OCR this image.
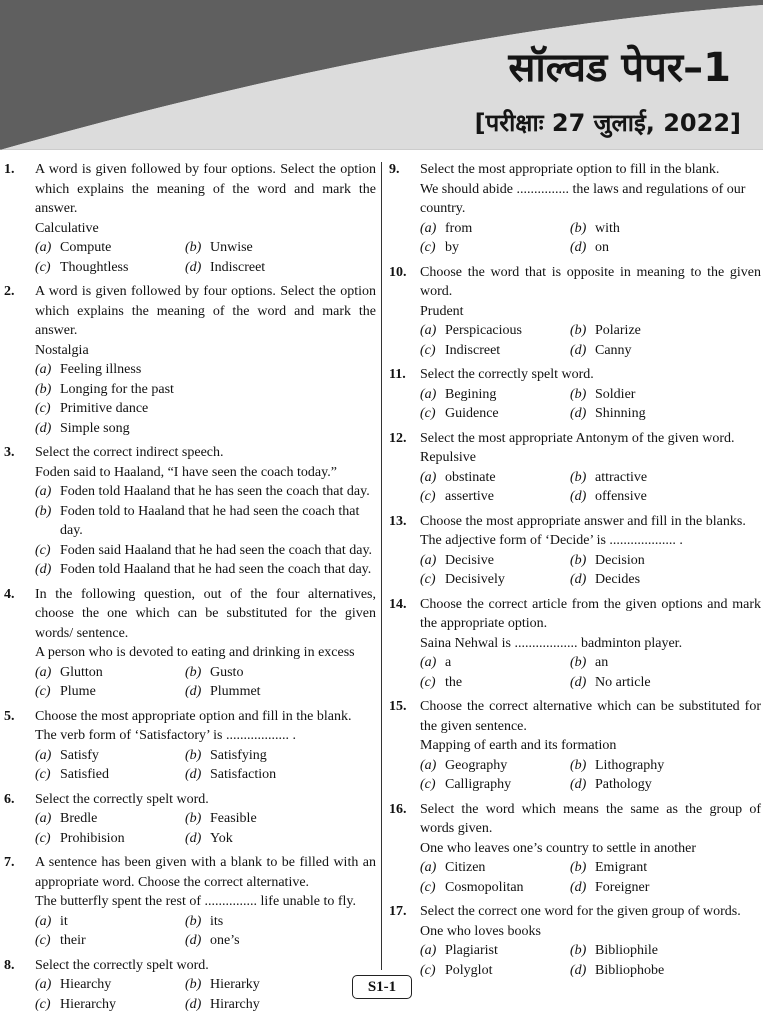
सॉल्वड पेपर–1
[परीक्षाः 27 जुलाई, 2022]
1. A word is given followed by four options. Select the option which explains the meaning of the word and mark the answer.
Calculative
(a) Compute	(b) Unwise
(c) Thoughtless	(d) Indiscreet
2. A word is given followed by four options. Select the option which explains the meaning of the word and mark the answer.
Nostalgia
(a) Feeling illness
(b) Longing for the past
(c) Primitive dance
(d) Simple song
3. Select the correct indirect speech.
Foden said to Haaland, “I have seen the coach today.”
(a) Foden told Haaland that he has seen the coach that day.
(b) Foden told to Haaland that he had seen the coach that day.
(c) Foden said Haaland that he had seen the coach that day.
(d) Foden told Haaland that he had seen the coach that day.
4. In the following question, out of the four alternatives, choose the one which can be substituted for the given words/ sentence.
A person who is devoted to eating and drinking in excess
(a) Glutton	(b) Gusto
(c) Plume	(d) Plummet
5. Choose the most appropriate option and fill in the blank.
The verb form of ‘Satisfactory’ is .................. .
(a) Satisfy	(b) Satisfying
(c) Satisfied	(d) Satisfaction
6. Select the correctly spelt word.
(a) Bredle	(b) Feasible
(c) Prohibision	(d) Yok
7. A sentence has been given with a blank to be filled with an appropriate word. Choose the correct alternative.
The butterfly spent the rest of ............... life unable to fly.
(a) it	(b) its
(c) their	(d) one’s
8. Select the correctly spelt word.
(a) Hiearchy	(b) Hierarky
(c) Hierarchy	(d) Hirarchy
9. Select the most appropriate option to fill in the blank.
We should abide ............... the laws and regulations of our country.
(a) from	(b) with
(c) by	(d) on
10. Choose the word that is opposite in meaning to the given word.
Prudent
(a) Perspicacious	(b) Polarize
(c) Indiscreet	(d) Canny
11. Select the correctly spelt word.
(a) Begining	(b) Soldier
(c) Guidence	(d) Shinning
12. Select the most appropriate Antonym of the given word.
Repulsive
(a) obstinate	(b) attractive
(c) assertive	(d) offensive
13. Choose the most appropriate answer and fill in the blanks.
The adjective form of ‘Decide’ is ................... .
(a) Decisive	(b) Decision
(c) Decisively	(d) Decides
14. Choose the correct article from the given options and mark the appropriate option.
Saina Nehwal is .................. badminton player.
(a) a	(b) an
(c) the	(d) No article
15. Choose the correct alternative which can be substituted for the given sentence.
Mapping of earth and its formation
(a) Geography	(b) Lithography
(c) Calligraphy	(d) Pathology
16. Select the word which means the same as the group of words given.
One who leaves one’s country to settle in another
(a) Citizen	(b) Emigrant
(c) Cosmopolitan	(d) Foreigner
17. Select the correct one word for the given group of words.
One who loves books
(a) Plagiarist	(b) Bibliophile
(c) Polyglot	(d) Bibliophobe
S1-1
